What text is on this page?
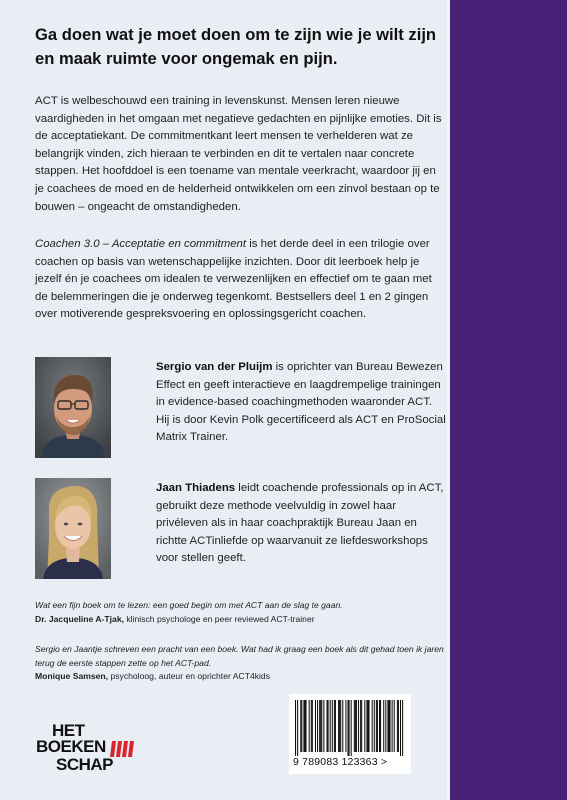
Ga doen wat je moet doen om te zijn wie je wilt zijn en maak ruimte voor ongemak en pijn.

ACT is welbeschouwd een training in levenskunst. Mensen leren nieuwe vaardigheden in het omgaan met negatieve gedachten en pijnlijke emoties. Dit is de acceptatiekant. De commitmentkant leert mensen te verhelderen wat ze belangrijk vinden, zich hieraan te verbinden en dit te vertalen naar concrete stappen. Het hoofddoel is een toename van mentale veerkracht, waardoor jij en je coachees de moed en de helderheid ontwikkelen om een zinvol bestaan op te bouwen – ongeacht de omstandigheden.

Coachen 3.0 – Acceptatie en commitment is het derde deel in een trilogie over coachen op basis van wetenschappelijke inzichten. Door dit leerboek help je jezelf én je coachees om idealen te verwezenlijken en effectief om te gaan met de belemmeringen die je onderweg tegenkomt. Bestsellers deel 1 en 2 gingen over motiverende gespreksvoering en oplossingsgericht coachen.

Sergio van der Pluijm is oprichter van Bureau Bewezen Effect en geeft interactieve en laagdrempelige trainingen in evidence-based coachingmethoden waaronder ACT. Hij is door Kevin Polk gecertificeerd als ACT en ProSocial Matrix Trainer.

Jaan Thiadens leidt coachende professionals op in ACT, gebruikt deze methode veelvuldig in zowel haar privéleven als in haar coachpraktijk Bureau Jaan en richtte ACTinliefde op waarvanuit ze liefdesworkshops voor stellen geeft.

Wat een fijn boek om te lezen: een goed begin om met ACT aan de slag te gaan.
Dr. Jacqueline A-Tjak, klinisch psychologe en peer reviewed ACT-trainer

Sergio en Jaantje schreven een pracht van een boek. Wat had ik graag een boek als dit gehad toen ik jaren terug de eerste stappen zette op het ACT-pad.
Monique Samsen, psycholoog, auteur en oprichter ACT4kids

HET
BOEKEN
SCHAP	9 789083 123363 >
